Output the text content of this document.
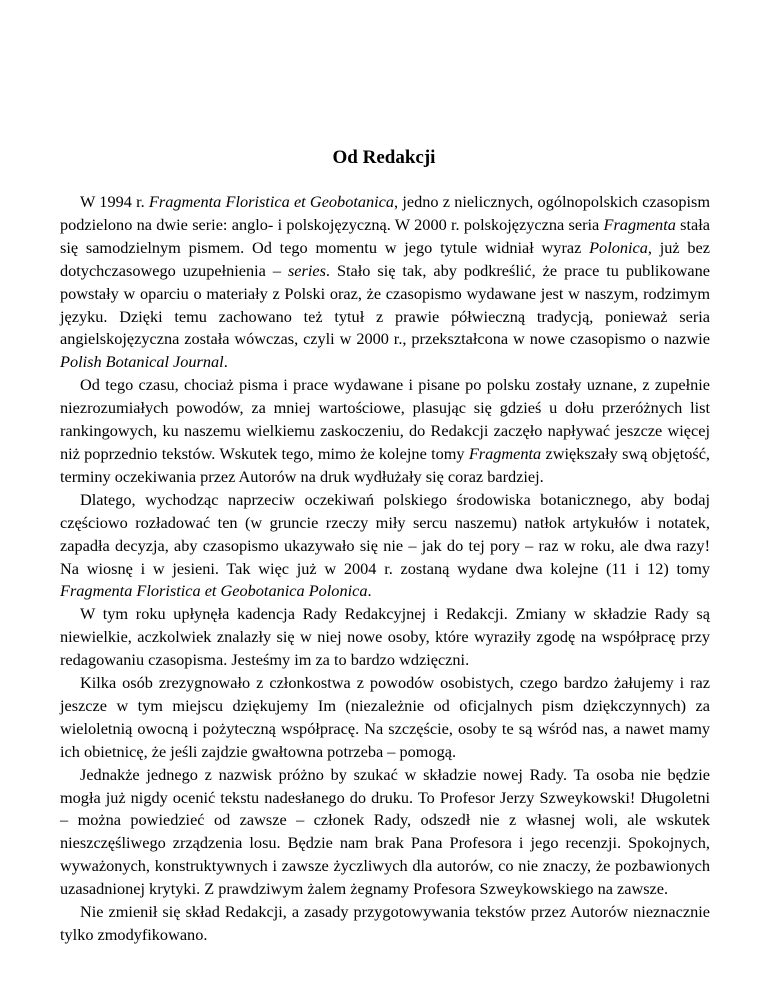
Od Redakcji

W 1994 r. Fragmenta Floristica et Geobotanica, jedno z nielicznych, ogólnopolskich czasopism podzielono na dwie serie: anglo- i polskojęzyczną. W 2000 r. polskojęzyczna seria Fragmenta stała się samodzielnym pismem. Od tego momentu w jego tytule widniał wyraz Polonica, już bez dotychczasowego uzupełnienia – series. Stało się tak, aby podkreślić, że prace tu publikowane powstały w oparciu o materiały z Polski oraz, że czasopismo wydawane jest w naszym, rodzimym języku. Dzięki temu zachowano też tytuł z prawie półwieczną tradycją, ponieważ seria angielskojęzyczna została wówczas, czyli w 2000 r., przekształcona w nowe czasopismo o nazwie Polish Botanical Journal.

Od tego czasu, chociaż pisma i prace wydawane i pisane po polsku zostały uznane, z zupełnie niezrozumiałych powodów, za mniej wartościowe, plasując się gdzieś u dołu przeróżnych list rankingowych, ku naszemu wielkiemu zaskoczeniu, do Redakcji zaczęło napływać jeszcze więcej niż poprzednio tekstów. Wskutek tego, mimo że kolejne tomy Fragmenta zwiększały swą objętość, terminy oczekiwania przez Autorów na druk wydłużały się coraz bardziej.

Dlatego, wychodząc naprzeciw oczekiwań polskiego środowiska botanicznego, aby bodaj częściowo rozładować ten (w gruncie rzeczy miły sercu naszemu) natłok artykułów i notatek, zapadła decyzja, aby czasopismo ukazywało się nie – jak do tej pory – raz w roku, ale dwa razy! Na wiosnę i w jesieni. Tak więc już w 2004 r. zostaną wydane dwa kolejne (11 i 12) tomy Fragmenta Floristica et Geobotanica Polonica.

W tym roku upłynęła kadencja Rady Redakcyjnej i Redakcji. Zmiany w składzie Rady są niewielkie, aczkolwiek znalazły się w niej nowe osoby, które wyraziły zgodę na współpracę przy redagowaniu czasopisma. Jesteśmy im za to bardzo wdzięczni.

Kilka osób zrezygnowało z członkostwa z powodów osobistych, czego bardzo żałujemy i raz jeszcze w tym miejscu dziękujemy Im (niezależnie od oficjalnych pism dziękczynnych) za wieloletnią owocną i pożyteczną współpracę. Na szczęście, osoby te są wśród nas, a nawet mamy ich obietnicę, że jeśli zajdzie gwałtowna potrzeba – pomogą.

Jednakże jednego z nazwisk próżno by szukać w składzie nowej Rady. Ta osoba nie będzie mogła już nigdy ocenić tekstu nadesłanego do druku. To Profesor Jerzy Szweykowski! Długoletni – można powiedzieć od zawsze – członek Rady, odszedł nie z własnej woli, ale wskutek nieszczęśliwego zrządzenia losu. Będzie nam brak Pana Profesora i jego recenzji. Spokojnych, wyważonych, konstruktywnych i zawsze życzliwych dla autorów, co nie znaczy, że pozbawionych uzasadnionej krytyki. Z prawdziwym żalem żegnamy Profesora Szweykowskiego na zawsze.

Nie zmienił się skład Redakcji, a zasady przygotowywania tekstów przez Autorów nieznacznie tylko zmodyfikowano.
